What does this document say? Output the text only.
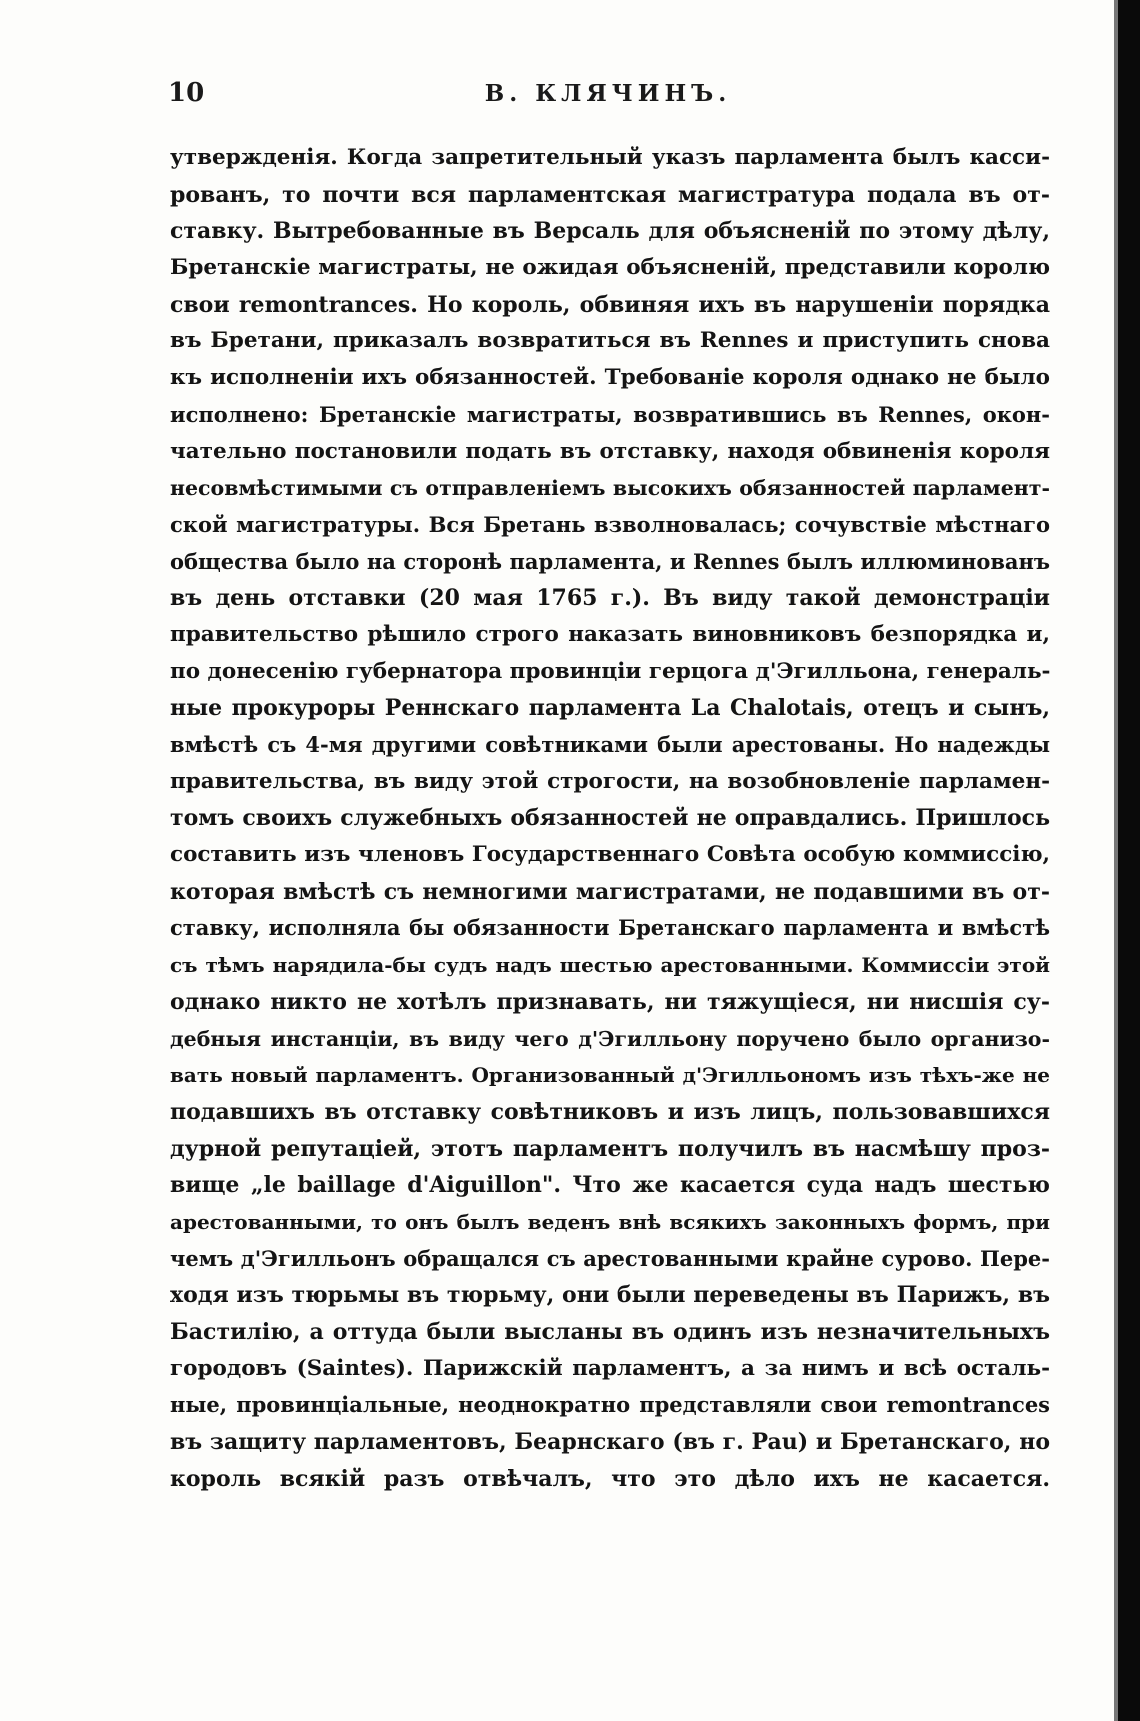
10	В. КЛЯЧИНЪ.
утвержденія. Когда запретительный указъ парламента былъ касси-
рованъ, то почти вся парламентская магистратура подала въ от-
ставку. Вытребованные въ Версаль для объясненій по этому дѣлу,
Бретанскіе магистраты, не ожидая объясненій, представили королю
свои remontrances. Но король, обвиняя ихъ въ нарушеніи порядка
въ Бретани, приказалъ возвратиться въ Rennes и приступить снова
къ исполненіи ихъ обязанностей. Требованіе короля однако не было
исполнено: Бретанскіе магистраты, возвратившись въ Rennes, окон-
чательно постановили подать въ отставку, находя обвиненія короля
несовмѣстимыми съ отправленіемъ высокихъ обязанностей парламент-
ской магистратуры. Вся Бретань взволновалась; сочувствіе мѣстнаго
общества было на сторонѣ парламента, и Rennes былъ иллюминованъ
въ день отставки (20 мая 1765 г.). Въ виду такой демонстраціи
правительство рѣшило строго наказать виновниковъ безпорядка и,
по донесенію губернатора провинціи герцога д'Эгилльона, генераль-
ные прокуроры Реннскаго парламента La Chalotais, отецъ и сынъ,
вмѣстѣ съ 4-мя другими совѣтниками были арестованы. Но надежды
правительства, въ виду этой строгости, на возобновленіе парламен-
томъ своихъ служебныхъ обязанностей не оправдались. Пришлось
составить изъ членовъ Государственнаго Совѣта особую коммиссію,
которая вмѣстѣ съ немногими магистратами, не подавшими въ от-
ставку, исполняла бы обязанности Бретанскаго парламента и вмѣстѣ
съ тѣмъ нарядила-бы судъ надъ шестью арестованными. Коммиссіи этой
однако никто не хотѣлъ признавать, ни тяжущіеся, ни нисшія су-
дебныя инстанціи, въ виду чего д'Эгилльону поручено было организо-
вать новый парламентъ. Организованный д'Эгилльономъ изъ тѣхъ-же не
подавшихъ въ отставку совѣтниковъ и изъ лицъ, пользовавшихся
дурной репутаціей, этотъ парламентъ получилъ въ насмѣшу проз-
вище „le baillage d'Aiguillon". Что же касается суда надъ шестью
арестованными, то онъ былъ веденъ внѣ всякихъ законныхъ формъ, при
чемъ д'Эгилльонъ обращался съ арестованными крайне сурово. Пере-
ходя изъ тюрьмы въ тюрьму, они были переведены въ Парижъ, въ
Бастилію, а оттуда были высланы въ одинъ изъ незначительныхъ
городовъ (Saintes). Парижскій парламентъ, а за нимъ и всѣ осталь-
ные, провинціальные, неоднократно представляли свои remontrances
въ защиту парламентовъ, Беарнскаго (въ г. Pau) и Бретанскаго, но
король всякій разъ отвѣчалъ, что это дѣло ихъ не касается.
